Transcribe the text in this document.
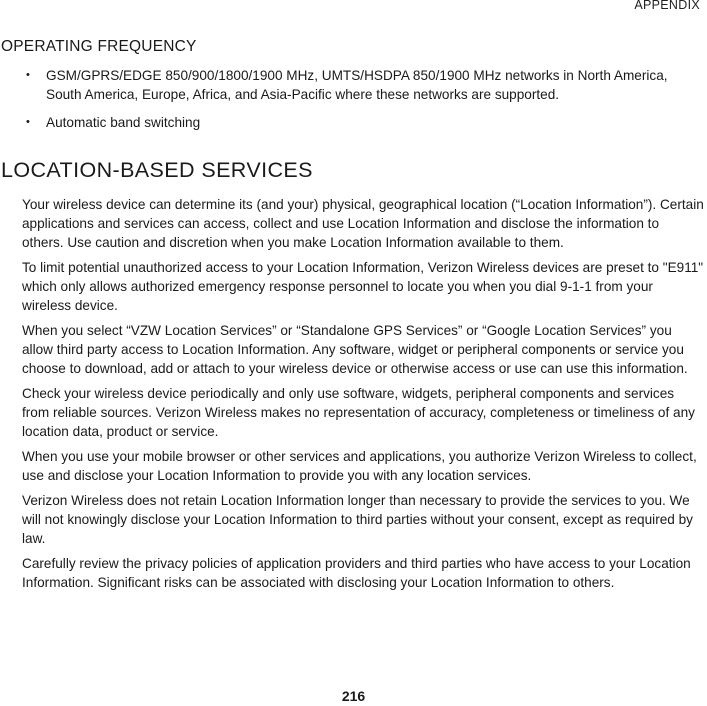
APPENDIX
OPERATING FREQUENCY
• GSM/GPRS/EDGE 850/900/1800/1900 MHz, UMTS/HSDPA 850/1900 MHz networks in North America, South America, Europe, Africa, and Asia-Pacific where these networks are supported.
• Automatic band switching
LOCATION-BASED SERVICES

Your wireless device can determine its (and your) physical, geographical location (“Location Information”). Certain applications and services can access, collect and use Location Information and disclose the information to others. Use caution and discretion when you make Location Information available to them.

To limit potential unauthorized access to your Location Information, Verizon Wireless devices are preset to "E911" which only allows authorized emergency response personnel to locate you when you dial 9-1-1 from your wireless device.

When you select “VZW Location Services” or “Standalone GPS Services” or “Google Location Services” you allow third party access to Location Information. Any software, widget or peripheral components or service you choose to download, add or attach to your wireless device or otherwise access or use can use this information.

Check your wireless device periodically and only use software, widgets, peripheral components and services from reliable sources. Verizon Wireless makes no representation of accuracy, completeness or timeliness of any location data, product or service.

When you use your mobile browser or other services and applications, you authorize Verizon Wireless to collect, use and disclose your Location Information to provide you with any location services.

Verizon Wireless does not retain Location Information longer than necessary to provide the services to you. We will not knowingly disclose your Location Information to third parties without your consent, except as required by law.

Carefully review the privacy policies of application providers and third parties who have access to your Location Information. Significant risks can be associated with disclosing your Location Information to others.

216
